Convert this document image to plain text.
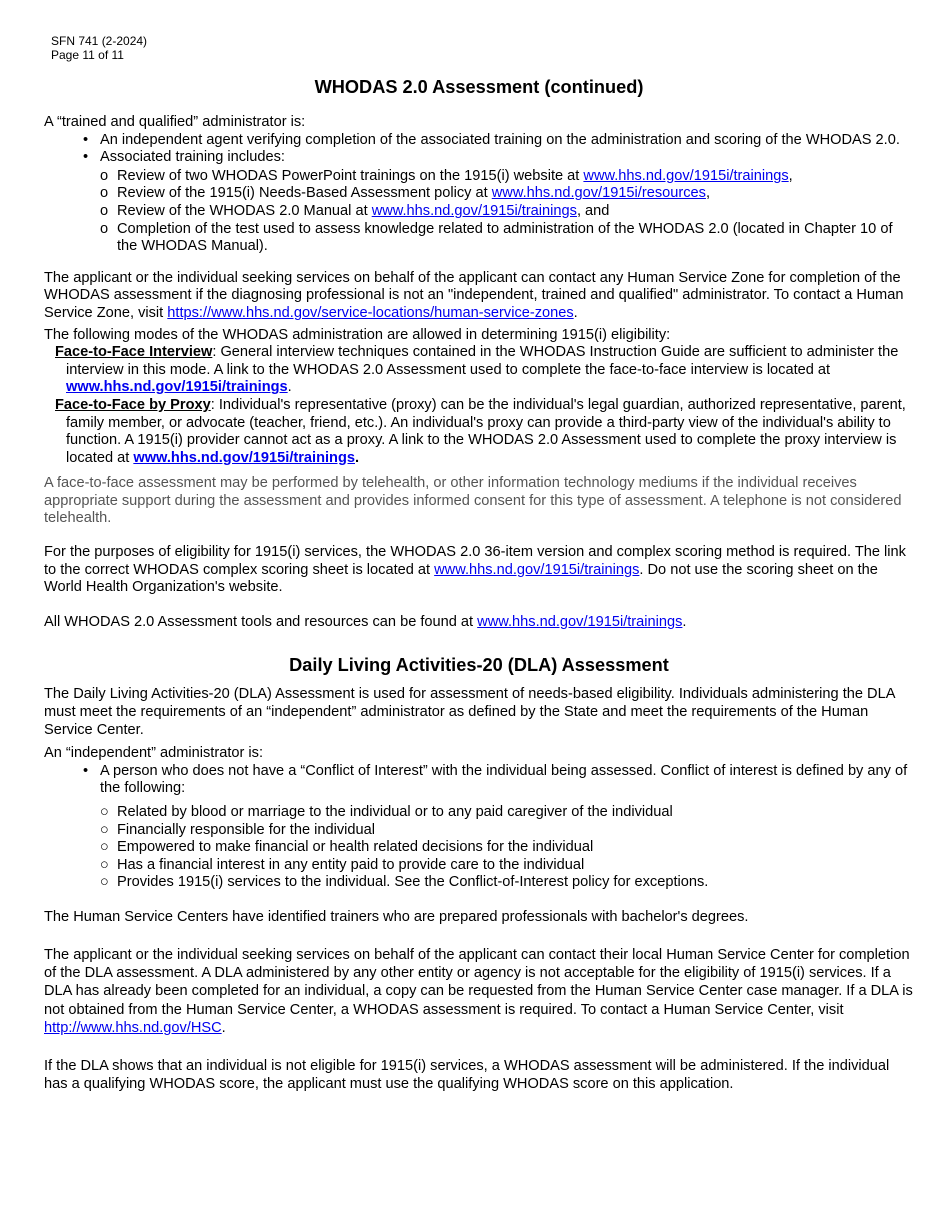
SFN 741 (2-2024)
Page 11 of 11
WHODAS 2.0 Assessment (continued)

A “trained and qualified” administrator is:

• An independent agent verifying completion of the associated training on the administration and scoring of the WHODAS 2.0.
• Associated training includes:
o Review of two WHODAS PowerPoint trainings on the 1915(i) website at www.hhs.nd.gov/1915i/trainings,
o Review of the 1915(i) Needs-Based Assessment policy at www.hhs.nd.gov/1915i/resources,
o Review of the WHODAS 2.0 Manual at www.hhs.nd.gov/1915i/trainings, and
o Completion of the test used to assess knowledge related to administration of the WHODAS 2.0 (located in Chapter 10 of the WHODAS Manual).

The applicant or the individual seeking services on behalf of the applicant can contact any Human Service Zone for completion of the WHODAS assessment if the diagnosing professional is not an "independent, trained and qualified" administrator. To contact a Human Service Zone, visit https://www.hhs.nd.gov/service-locations/human-service-zones.

The following modes of the WHODAS administration are allowed in determining 1915(i) eligibility:

Face-to-Face Interview: General interview techniques contained in the WHODAS Instruction Guide are sufficient to administer the interview in this mode. A link to the WHODAS 2.0 Assessment used to complete the face-to-face interview is located at www.hhs.nd.gov/1915i/trainings.

Face-to-Face by Proxy: Individual's representative (proxy) can be the individual's legal guardian, authorized representative, parent, family member, or advocate (teacher, friend, etc.). An individual's proxy can provide a third-party view of the individual's ability to function. A 1915(i) provider cannot act as a proxy. A link to the WHODAS 2.0 Assessment used to complete the proxy interview is located at www.hhs.nd.gov/1915i/trainings.

A face-to-face assessment may be performed by telehealth, or other information technology mediums if the individual receives appropriate support during the assessment and provides informed consent for this type of assessment. A telephone is not considered telehealth.

For the purposes of eligibility for 1915(i) services, the WHODAS 2.0 36-item version and complex scoring method is required. The link to the correct WHODAS complex scoring sheet is located at www.hhs.nd.gov/1915i/trainings. Do not use the scoring sheet on the World Health Organization's website.

All WHODAS 2.0 Assessment tools and resources can be found at www.hhs.nd.gov/1915i/trainings.

Daily Living Activities-20 (DLA) Assessment

The Daily Living Activities-20 (DLA) Assessment is used for assessment of needs-based eligibility. Individuals administering the DLA must meet the requirements of an “independent” administrator as defined by the State and meet the requirements of the Human Service Center.

An “independent” administrator is:

• A person who does not have a “Conflict of Interest” with the individual being assessed. Conflict of interest is defined by any of the following:
○ Related by blood or marriage to the individual or to any paid caregiver of the individual
○ Financially responsible for the individual
○ Empowered to make financial or health related decisions for the individual
○ Has a financial interest in any entity paid to provide care to the individual
○ Provides 1915(i) services to the individual. See the Conflict-of-Interest policy for exceptions.

The Human Service Centers have identified trainers who are prepared professionals with bachelor's degrees.

The applicant or the individual seeking services on behalf of the applicant can contact their local Human Service Center for completion of the DLA assessment. A DLA administered by any other entity or agency is not acceptable for the eligibility of 1915(i) services. If a DLA has already been completed for an individual, a copy can be requested from the Human Service Center case manager. If a DLA is not obtained from the Human Service Center, a WHODAS assessment is required. To contact a Human Service Center, visit http://www.hhs.nd.gov/HSC.

If the DLA shows that an individual is not eligible for 1915(i) services, a WHODAS assessment will be administered. If the individual has a qualifying WHODAS score, the applicant must use the qualifying WHODAS score on this application.
